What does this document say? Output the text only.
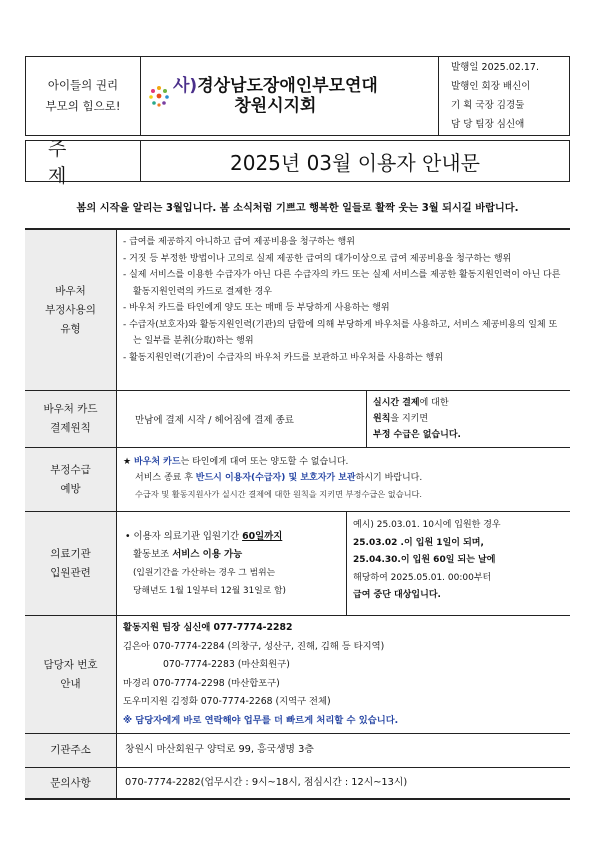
아이들의 권리
부모의 힘으로!
사)경상남도장애인부모연대
창원시지회
발행일 2025.02.17.
발행인 회장 배신이
기 획 국장 김경둘
담 당 팀장 심신애
주 제
2025년 03월 이용자 안내문
봄의 시작을 알리는 3월입니다. 봄 소식처럼 기쁘고 행복한 일들로 활짝 웃는 3월 되시길 바랍니다.
바우처
부정사용의
유형
- 급여를 제공하지 아니하고 급여 제공비용을 청구하는 행위
- 거짓 등 부정한 방법이나 고의로 실제 제공한 급여의 대가이상으로 급여 제공비용을 청구하는 행위
- 실제 서비스를 이용한 수급자가 아닌 다른 수급자의 카드 또는 실제 서비스를 제공한 활동지원인력이 아닌 다른 활동지원인력의 카드로 결제한 경우
- 바우처 카드를 타인에게 양도 또는 매매 등 부당하게 사용하는 행위
- 수급자(보호자)와 활동지원인력(기관)의 담합에 의해 부당하게 바우처를 사용하고, 서비스 제공비용의 일체 또는 일부를 분취(分取)하는 행위
- 활동지원인력(기관)이 수급자의 바우처 카드를 보관하고 바우처를 사용하는 행위
바우처 카드
결제원칙
만남에 결제 시작 / 헤어짐에 결제 종료
실시간 결제에 대한
원칙을 지키면
부정 수급은 없습니다.
부정수급
예방
★ 바우처 카드는 타인에게 대여 또는 양도할 수 없습니다.
서비스 종료 후 반드시 이용자(수급자) 및 보호자가 보관하시기 바랍니다.
수급자 및 활동지원사가 실시간 결제에 대한 원칙을 지키면 부정수급은 없습니다.
의료기관
입원관련
• 이용자 의료기관 입원기간 60일까지
활동보조 서비스 이용 가능
(입원기간을 가산하는 경우 그 범위는
당해년도 1월 1일부터 12월 31일로 함)
예시) 25.03.01. 10시에 입원한 경우
25.03.02 .이 입원 1일이 되며,
25.04.30.이 입원 60일 되는 날에
해당하여 2025.05.01. 00:00부터
급여 중단 대상입니다.
담당자 번호
안내
활동지원 팀장 심신애 077-7774-2282
김은아 070-7774-2284 (의창구, 성산구, 진해, 김해 등 타지역)
070-7774-2283 (마산회원구)
마경리 070-7774-2298 (마산합포구)
도우미지원 김정화 070-7774-2268 (지역구 전체)
※ 담당자에게 바로 연락해야 업무를 더 빠르게 처리할 수 있습니다.
기관주소	창원시 마산회원구 양덕로 99, 흥국생명 3층
문의사항	070-7774-2282 (업무시간 : 9시~18시, 점심시간 : 12시~13시)
